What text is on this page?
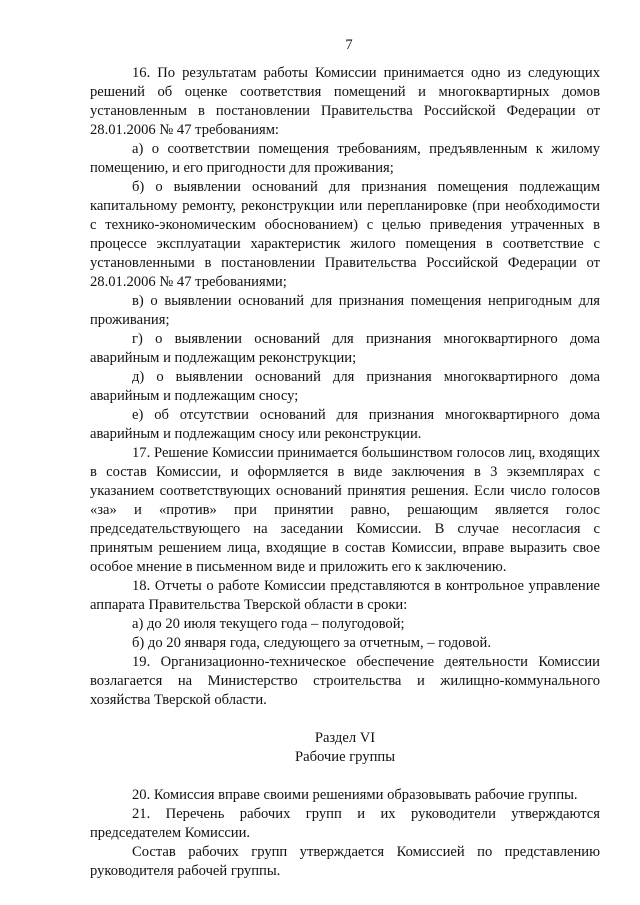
7

16. По результатам работы Комиссии принимается одно из следующих решений об оценке соответствия помещений и многоквартирных домов установленным в постановлении Правительства Российской Федерации от 28.01.2006 № 47 требованиям:

а) о соответствии помещения требованиям, предъявленным к жилому помещению, и его пригодности для проживания;

б) о выявлении оснований для признания помещения подлежащим капитальному ремонту, реконструкции или перепланировке (при необходимости с технико-экономическим обоснованием) с целью приведения утраченных в процессе эксплуатации характеристик жилого помещения в соответствие с установленными в постановлении Правительства Российской Федерации от 28.01.2006 № 47 требованиями;

в) о выявлении оснований для признания помещения непригодным для проживания;

г) о выявлении оснований для признания многоквартирного дома аварийным и подлежащим реконструкции;

д) о выявлении оснований для признания многоквартирного дома аварийным и подлежащим сносу;

е) об отсутствии оснований для признания многоквартирного дома аварийным и подлежащим сносу или реконструкции.

17. Решение Комиссии принимается большинством голосов лиц, входящих в состав Комиссии, и оформляется в виде заключения в 3 экземплярах с указанием соответствующих оснований принятия решения. Если число голосов «за» и «против» при принятии равно, решающим является голос председательствующего на заседании Комиссии. В случае несогласия с принятым решением лица, входящие в состав Комиссии, вправе выразить свое особое мнение в письменном виде и приложить его к заключению.

18. Отчеты о работе Комиссии представляются в контрольное управление аппарата Правительства Тверской области в сроки:

а) до 20 июля текущего года – полугодовой;

б) до 20 января года, следующего за отчетным, – годовой.

19. Организационно-техническое обеспечение деятельности Комиссии возлагается на Министерство строительства и жилищно-коммунального хозяйства Тверской области.

Раздел VI
Рабочие группы

20. Комиссия вправе своими решениями образовывать рабочие группы.

21. Перечень рабочих групп и их руководители утверждаются председателем Комиссии.

Состав рабочих групп утверждается Комиссией по представлению руководителя рабочей группы.
